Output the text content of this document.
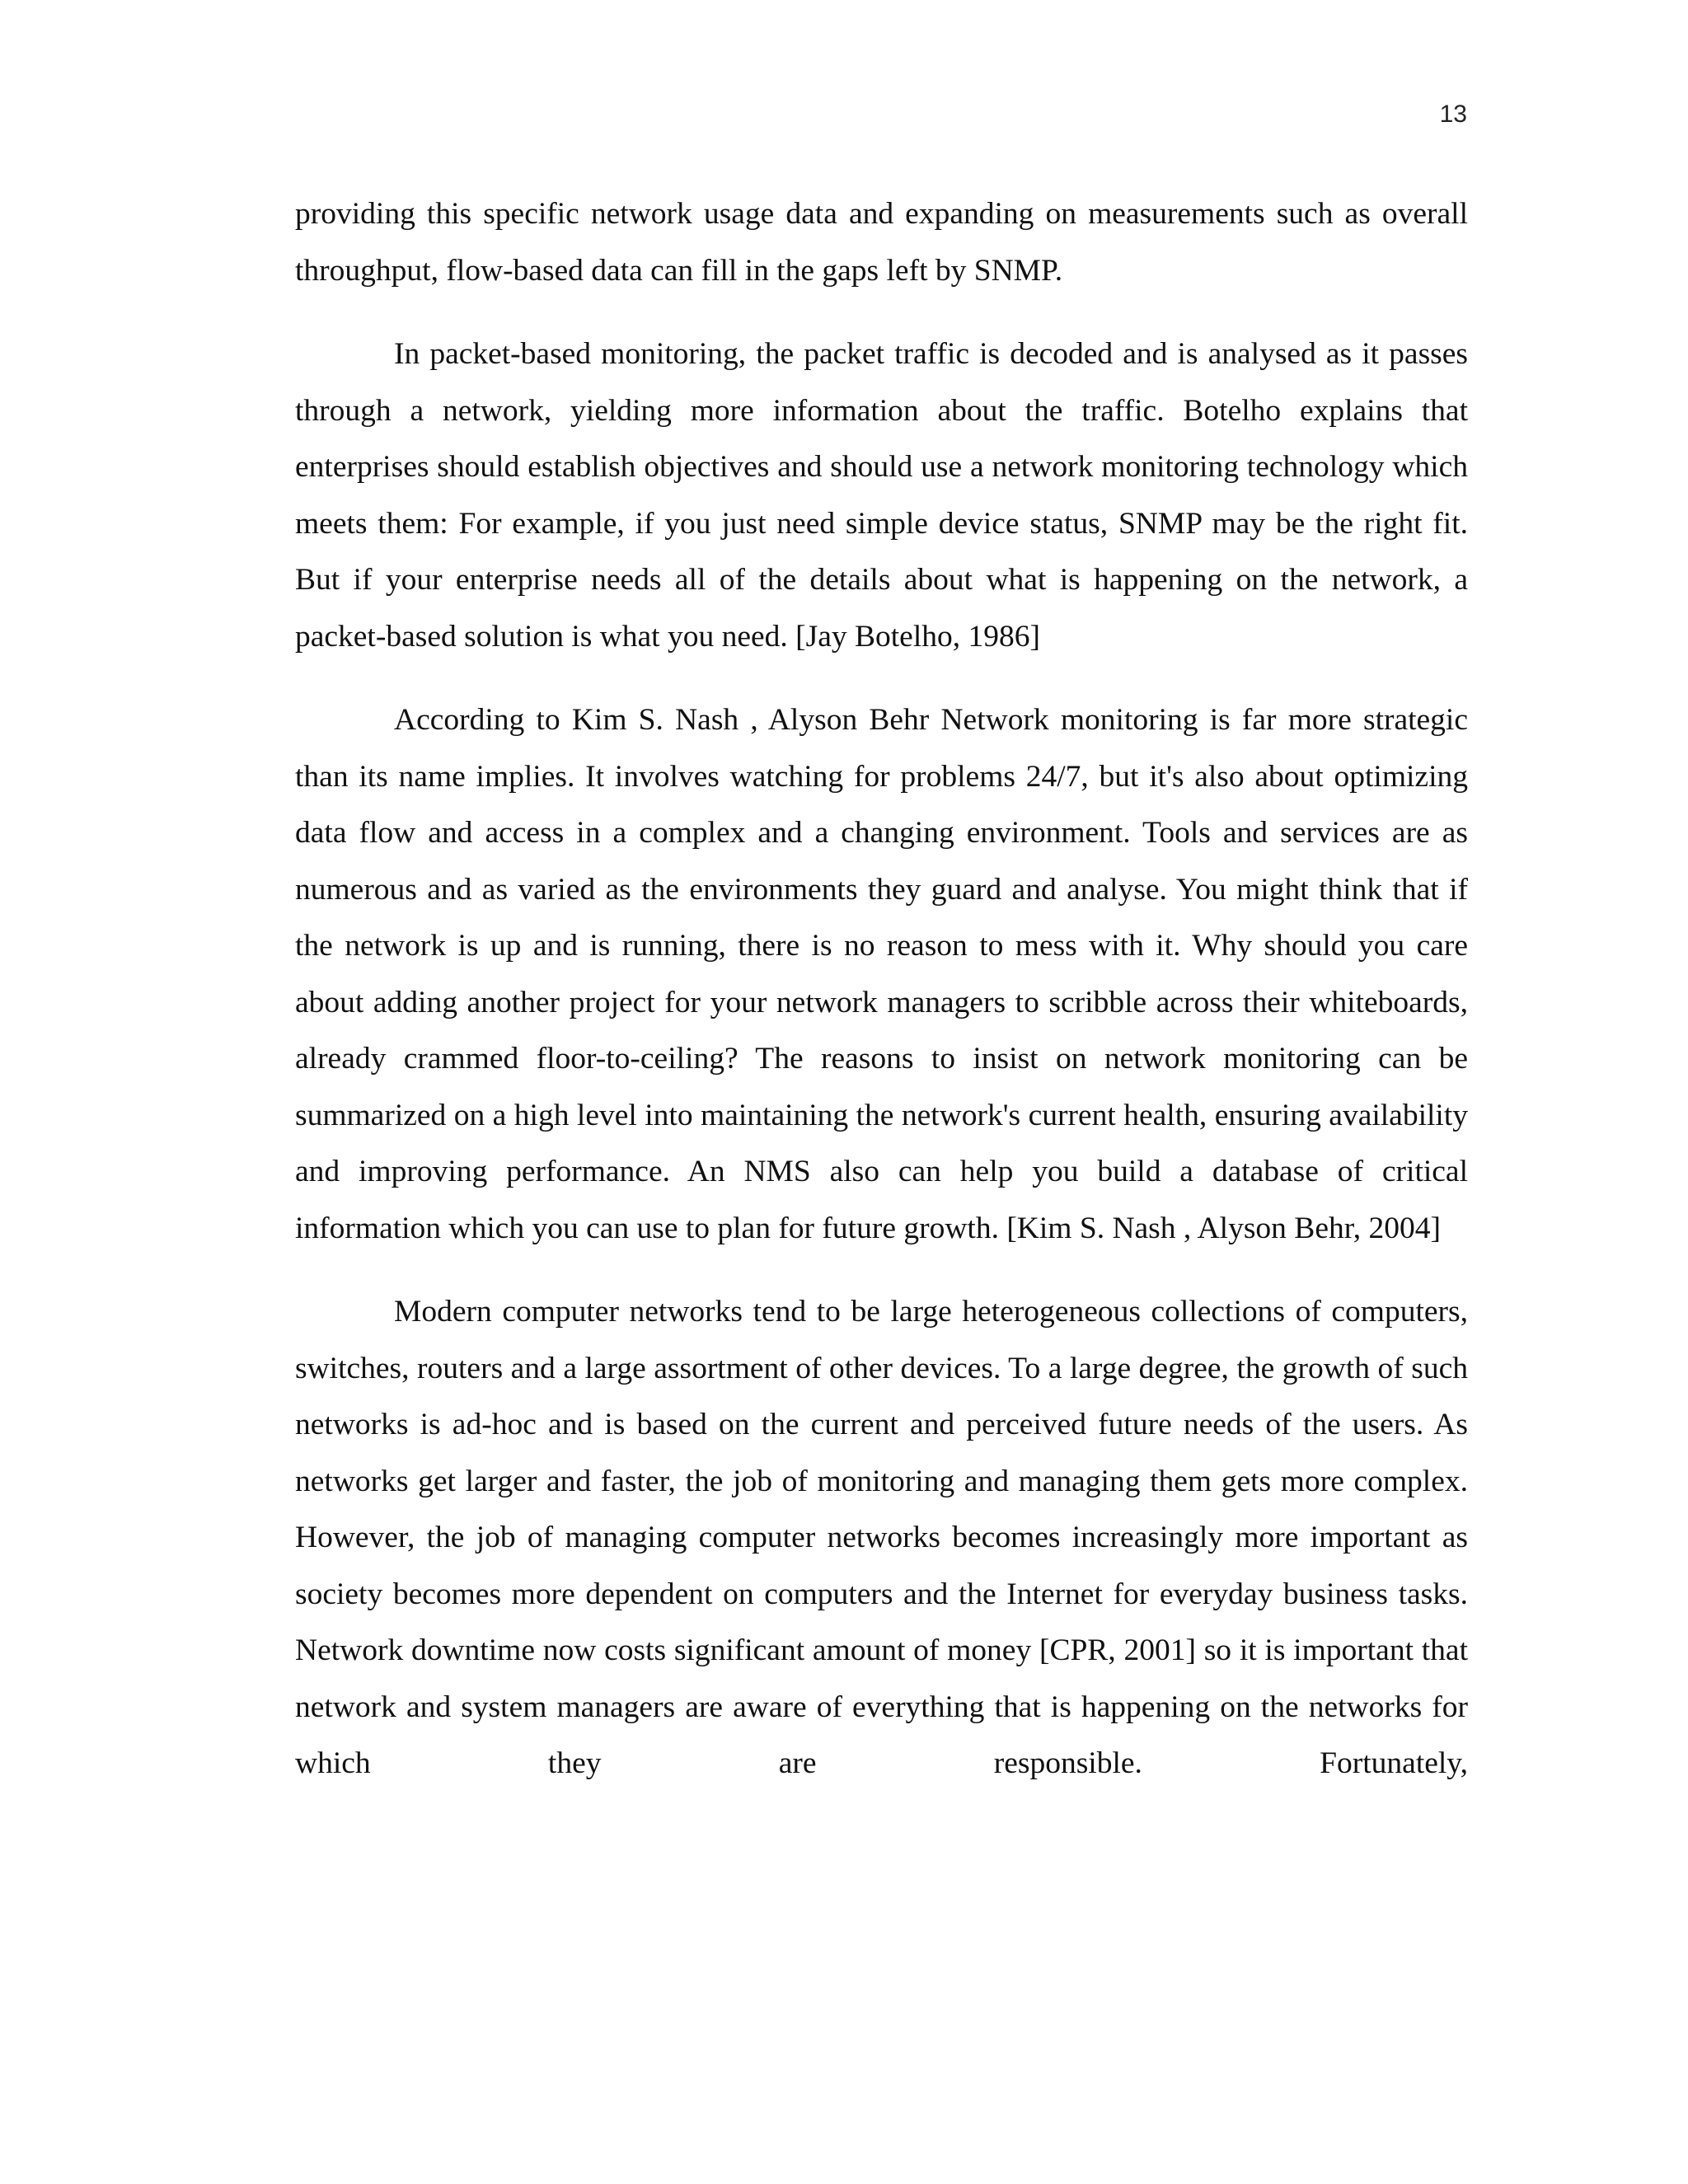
13

providing this specific network usage data and expanding on measurements such as overall throughput, flow-based data can fill in the gaps left by SNMP.

In packet-based monitoring, the packet traffic is decoded and is analysed as it passes through a network, yielding more information about the traffic. Botelho explains that enterprises should establish objectives and should use a network monitoring technology which meets them: For example, if you just need simple device status, SNMP may be the right fit. But if your enterprise needs all of the details about what is happening on the network, a packet-based solution is what you need. [Jay Botelho, 1986]

According to Kim S. Nash , Alyson Behr Network monitoring is far more strategic than its name implies. It involves watching for problems 24/7, but it's also about optimizing data flow and access in a complex and a changing environment. Tools and services are as numerous and as varied as the environments they guard and analyse. You might think that if the network is up and is running, there is no reason to mess with it. Why should you care about adding another project for your network managers to scribble across their whiteboards, already crammed floor-to-ceiling? The reasons to insist on network monitoring can be summarized on a high level into maintaining the network's current health, ensuring availability and improving performance. An NMS also can help you build a database of critical information which you can use to plan for future growth. [Kim S. Nash , Alyson Behr, 2004]

Modern computer networks tend to be large heterogeneous collections of computers, switches, routers and a large assortment of other devices. To a large degree, the growth of such networks is ad-hoc and is based on the current and perceived future needs of the users. As networks get larger and faster, the job of monitoring and managing them gets more complex. However, the job of managing computer networks becomes increasingly more important as society becomes more dependent on computers and the Internet for everyday business tasks. Network downtime now costs significant amount of money [CPR, 2001] so it is important that network and system managers are aware of everything that is happening on the networks for which they are responsible. Fortunately,
